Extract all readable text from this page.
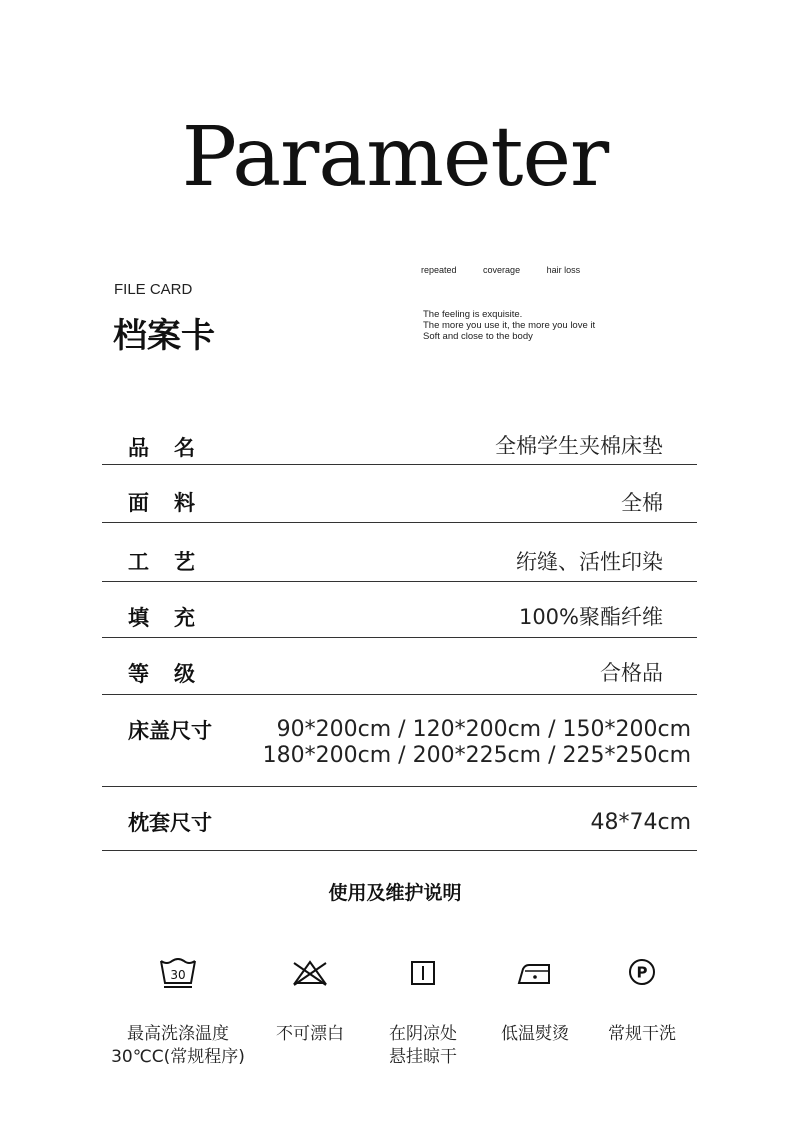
Parameter
FILE CARD
档案卡
repeated	coverage	hair loss
The feeling is exquisite.
The more you use it, the more you love it
Soft and close to the body
品　名	全棉学生夹棉床垫
面　料	全棉
工　艺	绗缝、活性印染
填　充	100%聚酯纤维
等　级	合格品
床盖尺寸	90*200cm / 120*200cm / 150*200cm
180*200cm / 200*225cm / 225*250cm
枕套尺寸	48*74cm
使用及维护说明
30
最高洗涤温度
30℃C(常规程序)
不可漂白	在阴凉处
悬挂晾干
低温熨烫
P
常规干洗
